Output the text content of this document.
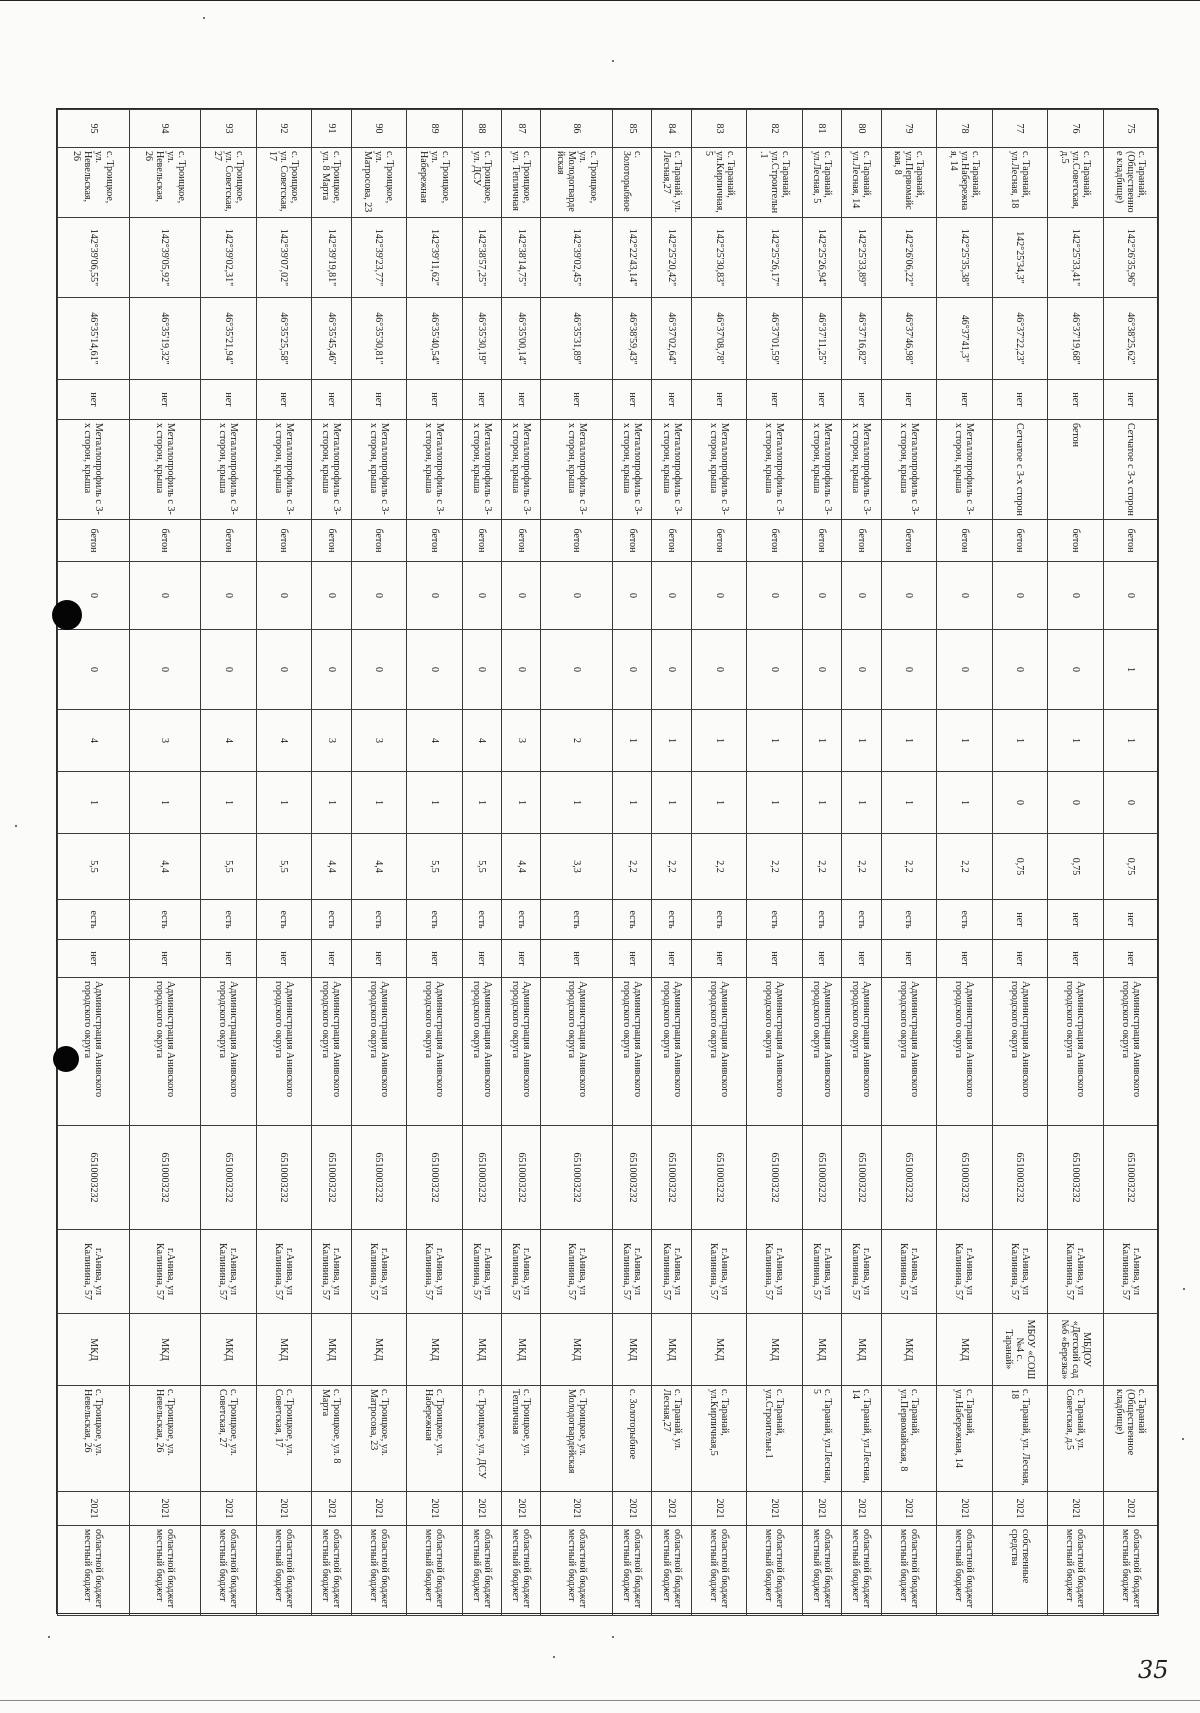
75	с. Таранай, (Общественное кладбище)	142°26'35,96"	46°38'25,62"	нет	Сетчатое с 3-х сторон	бетон	0	1	1	0	0,75	нет	нет	Администрация Анивского городского округа	6510003232	г.Анива, ул Калинина, 57		с. Таранай (Общественное кладбище)	2021	областной бюджет местный бюджет
76	с. Таранай, ул.Советская, д.5	142°25'33,41"	46°37'19,68"	нет	бетон	бетон	0	0	1	0	0,75	нет	нет	Администрация Анивского городского округа	6510003232	г.Анива, ул Калинина, 57	МБДОУ «Детский сад №6 «Березка»	с. Таранай, ул. Советская, д.5	2021	областной бюджет местный бюджет
77	с. Таранай, ул.Лесная, 18	142°25'34,3"	46°37'22,23"	нет	Сетчатое с 3-х сторон	бетон	0	0	1	0	0,75	нет	нет	Администрация Анивского городского округа	6510003232	г.Анива, ул Калинина, 57	МБОУ «СОШ №4 с. Таранай»	с. Таранай, ул. Лесная, 18	2021	собственные средства
78	с. Таранай, ул.Набережная, 14	142°25'35,38"	46°37'41,3"	нет	Металлопрофиль с 3-х сторон, крыша	бетон	0	0	1	1	2,2	есть	нет	Администрация Анивского городского округа	6510003232	г.Анива, ул Калинина, 57	МКД	с. Таранай, ул.Набережная, 14	2021	областной бюджет местный бюджет
79	с. Таранай, ул.Первомайская, 8	142°26'06,22"	46°37'46,98"	нет	Металлопрофиль с 3-х сторон, крыша	бетон	0	0	1	1	2,2	есть	нет	Администрация Анивского городского округа	6510003232	г.Анива, ул Калинина, 57	МКД	с. Таранай, ул.Первомайская, 8	2021	областной бюджет местный бюджет
80	с. Таранай, ул.Лесная, 14	142°25'33,89"	46°37'16,82"	нет	Металлопрофиль с 3-х сторон, крыша	бетон	0	0	1	1	2,2	есть	нет	Администрация Анивского городского округа	6510003232	г.Анива, ул Калинина, 57	МКД	с. Таранай, ул.Лесная, 14	2021	областной бюджет местный бюджет
81	с. Таранай, ул.Лесная, 5	142°25'26,94"	46°37'11,25"	нет	Металлопрофиль с 3-х сторон, крыша	бетон	0	0	1	1	2,2	есть	нет	Администрация Анивского городского округа	6510003232	г.Анива, ул Калинина, 57	МКД	с. Таранай, ул.Лесная, 5	2021	областной бюджет местный бюджет
82	с. Таранай, ул.Строительн.1	142°25'26,17"	46°37'01,59"	нет	Металлопрофиль с 3-х сторон, крыша	бетон	0	0	1	1	2,2	есть	нет	Администрация Анивского городского округа	6510003232	г.Анива, ул Калинина, 57	МКД	с. Таранай, ул.Строительн.1	2021	областной бюджет местный бюджет
83	с. Таранай, ул.Кирпичная,5	142°25'30,83"	46°37'08,78"	нет	Металлопрофиль с 3-х сторон, крыша	бетон	0	0	1	1	2,2	есть	нет	Администрация Анивского городского округа	6510003232	г.Анива, ул Калинина, 57	МКД	с. Таранай, ул.Кирпичная,5	2021	областной бюджет местный бюджет
84	с. Таранай, ул. Лесная,27	142°25'20,42"	46°37'02,64"	нет	Металлопрофиль с 3-х сторон, крыша	бетон	0	0	1	1	2,2	есть	нет	Администрация Анивского городского округа	6510003232	г.Анива, ул Калинина, 57	МКД	с. Таранай, ул. Лесная,27	2021	областной бюджет местный бюджет
85	с. Золоторыбное	142°22'43,14"	46°38'59,43"	нет	Металлопрофиль с 3-х сторон, крыша	бетон	0	0	1	1	2,2	есть	нет	Администрация Анивского городского округа	6510003232	г.Анива, ул Калинина, 57	МКД	с. Золоторыбное	2021	областной бюджет местный бюджет
86	с. Троицкое, ул. Молодогвардейская	142°39'02,45"	46°35'31,89"	нет	Металлопрофиль с 3-х сторон, крыша	бетон	0	0	2	1	3,3	есть	нет	Администрация Анивского городского округа	6510003232	г.Анива, ул Калинина, 57	МКД	с. Троицкое, ул. Молодогвардейская	2021	областной бюджет местный бюджет
87	с. Троицкое, ул. Тепличная	142°38'14,75"	46°35'00,14"	нет	Металлопрофиль с 3-х сторон, крыша	бетон	0	0	3	1	4,4	есть	нет	Администрация Анивского городского округа	6510003232	г.Анива, ул Калинина, 57	МКД	с. Троицкое, ул. Тепличная	2021	областной бюджет местный бюджет
88	с. Троицкое, ул. ДСУ	142°38'57,25"	46°35'30,19"	нет	Металлопрофиль с 3-х сторон, крыша	бетон	0	0	4	1	5,5	есть	нет	Администрация Анивского городского округа	6510003232	г.Анива, ул Калинина, 57	МКД	с. Троицкое, ул. ДСУ	2021	областной бюджет местный бюджет
89	с. Троицкое, ул. Набережная	142°39'11,62"	46°35'40,54"	нет	Металлопрофиль с 3-х сторон, крыша	бетон	0	0	4	1	5,5	есть	нет	Администрация Анивского городского округа	6510003232	г.Анива, ул Калинина, 57	МКД	с. Троицкое, ул. Набережная	2021	областной бюджет местный бюджет
90	с. Троицкое, ул. Матросова, 23	142°39'23,77"	46°35'30,81"	нет	Металлопрофиль с 3-х сторон, крыша	бетон	0	0	3	1	4,4	есть	нет	Администрация Анивского городского округа	6510003232	г.Анива, ул Калинина, 57	МКД	с. Троицкое, ул. Матросова, 23	2021	областной бюджет местный бюджет
91	с. Троицкое, ул. 8 Марта	142°39'19,81"	46°35'45,46"	нет	Металлопрофиль с 3-х сторон, крыша	бетон	0	0	3	1	4,4	есть	нет	Администрация Анивского городского округа	6510003232	г.Анива, ул Калинина, 57	МКД	с. Троицкое, ул. 8 Марта	2021	областной бюджет местный бюджет
92	с. Троицкое, ул. Советская, 17	142°39'07,02"	46°35'25,58"	нет	Металлопрофиль с 3-х сторон, крыша	бетон	0	0	4	1	5,5	есть	нет	Администрация Анивского городского округа	6510003232	г.Анива, ул Калинина, 57	МКД	с. Троицкое, ул. Советская, 17	2021	областной бюджет местный бюджет
93	с. Троицкое, ул. Советская, 27	142°39'02,31"	46°35'21,94"	нет	Металлопрофиль с 3-х сторон, крыша	бетон	0	0	4	1	5,5	есть	нет	Администрация Анивского городского округа	6510003232	г.Анива, ул Калинина, 57	МКД	с. Троицкое, ул. Советская, 27	2021	областной бюджет местный бюджет
94	с. Троицкое, ул. Невельская, 26	142°39'05,92"	46°35'19,32"	нет	Металлопрофиль с 3-х сторон, крыша	бетон	0	0	3	1	4,4	есть	нет	Администрация Анивского городского округа	6510003232	г.Анива, ул Калинина, 57	МКД	с. Троицкое, ул. Невельская, 26	2021	областной бюджет местный бюджет
95	с. Троицкое, ул. Невельская, 26	142°39'06,55"	46°35'14,61"	нет	Металлопрофиль с 3-х сторон, крыша	бетон	0	0	4	1	5,5	есть	нет	Администрация Анивского городского округа	6510003232	г.Анива, ул Калинина, 57	МКД	с. Троицкое, ул. Невельская, 26	2021	областной бюджет местный бюджет
35
